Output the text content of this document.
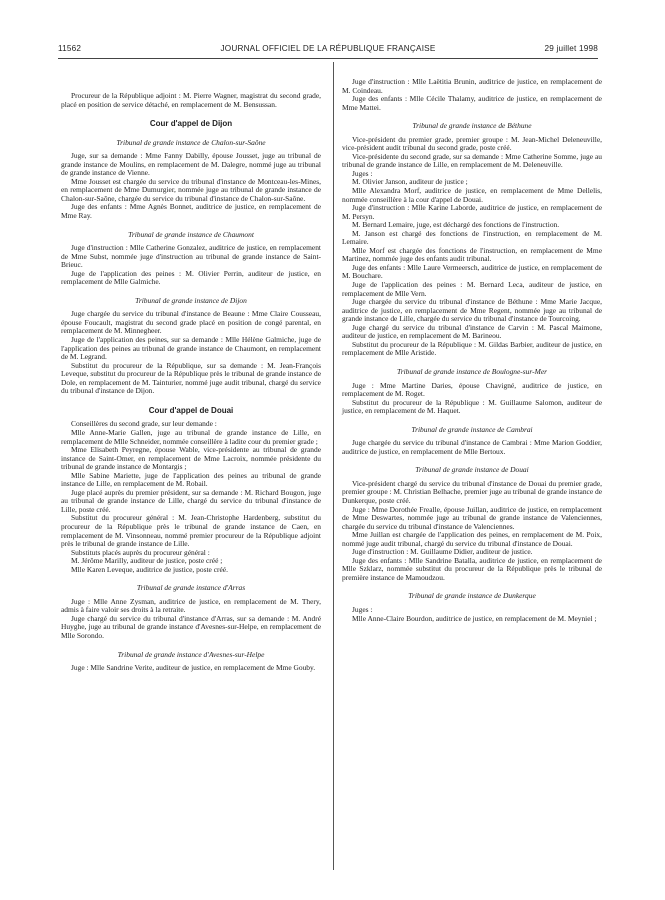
11562	JOURNAL OFFICIEL DE LA RÉPUBLIQUE FRANÇAISE	29 juillet 1998
Procureur de la République adjoint : M. Pierre Wagner, magistrat du second grade, placé en position de service détaché, en remplacement de M. Bensussan.
Cour d'appel de Dijon
Tribunal de grande instance de Chalon-sur-Saône
Juge, sur sa demande : Mme Fanny Dabilly, épouse Jousset, juge au tribunal de grande instance de Moulins, en remplacement de M. Dalegre, nommé juge au tribunal de grande instance de Vienne.
Mme Jousset est chargée du service du tribunal d'instance de Montceau-les-Mines, en remplacement de Mme Dumurgier, nommée juge au tribunal de grande instance de Chalon-sur-Saône, chargée du service du tribunal d'instance de Chalon-sur-Saône.
Juge des enfants : Mme Agnès Bonnet, auditrice de justice, en remplacement de Mme Ray.
Tribunal de grande instance de Chaumont
Juge d'instruction : Mlle Catherine Gonzalez, auditrice de justice, en remplacement de Mme Subst, nommée juge d'instruction au tribunal de grande instance de Saint-Brieuc.
Juge de l'application des peines : M. Olivier Perrin, auditeur de justice, en remplacement de Mlle Galmiche.
Tribunal de grande instance de Dijon
Juge chargée du service du tribunal d'instance de Beaune : Mme Claire Cousseau, épouse Foucault, magistrat du second grade placé en position de congé parental, en remplacement de M. Minnegheer.
Juge de l'application des peines, sur sa demande : Mlle Hélène Galmiche, juge de l'application des peines au tribunal de grande instance de Chaumont, en remplacement de M. Legrand.
Substitut du procureur de la République, sur sa demande : M. Jean-François Leveque, substitut du procureur de la République près le tribunal de grande instance de Dole, en remplacement de M. Tainturier, nommé juge audit tribunal, chargé du service du tribunal d'instance de Dijon.
Cour d'appel de Douai
Conseillères du second grade, sur leur demande :
Mlle Anne-Marie Gallen, juge au tribunal de grande instance de Lille, en remplacement de Mlle Schneider, nommée conseillère à ladite cour du premier grade ;
Mme Elisabeth Peyregne, épouse Wable, vice-présidente au tribunal de grande instance de Saint-Omer, en remplacement de Mme Lacroix, nommée présidente du tribunal de grande instance de Montargis ;
Mlle Sabine Mariette, juge de l'application des peines au tribunal de grande instance de Lille, en remplacement de M. Robail.
Juge placé auprès du premier président, sur sa demande : M. Richard Bougon, juge au tribunal de grande instance de Lille, chargé du service du tribunal d'instance de Lille, poste créé.
Substitut du procureur général : M. Jean-Christophe Hardenberg, substitut du procureur de la République près le tribunal de grande instance de Caen, en remplacement de M. Vinsonneau, nommé premier procureur de la République adjoint près le tribunal de grande instance de Lille.
Substituts placés auprès du procureur général :
M. Jérôme Marilly, auditeur de justice, poste créé ;
Mlle Karen Leveque, auditrice de justice, poste créé.
Tribunal de grande instance d'Arras
Juge : Mlle Anne Zysman, auditrice de justice, en remplacement de M. Thery, admis à faire valoir ses droits à la retraite.
Juge chargé du service du tribunal d'instance d'Arras, sur sa demande : M. André Huyghe, juge au tribunal de grande instance d'Avesnes-sur-Helpe, en remplacement de Mlle Sorondo.
Tribunal de grande instance d'Avesnes-sur-Helpe
Juge : Mlle Sandrine Verite, auditeur de justice, en remplacement de Mme Gouby.
Juge d'instruction : Mlle Laëtitia Brunin, auditrice de justice, en remplacement de M. Coindeau.
Juge des enfants : Mlle Cécile Thalamy, auditrice de justice, en remplacement de Mme Mattei.
Tribunal de grande instance de Béthune
Vice-président du premier grade, premier groupe : M. Jean-Michel Deleneuville, vice-président audit tribunal du second grade, poste créé.
Vice-présidente du second grade, sur sa demande : Mme Catherine Somme, juge au tribunal de grande instance de Lille, en remplacement de M. Deleneuville.
Juges :
M. Olivier Janson, auditeur de justice ;
Mlle Alexandra Morf, auditrice de justice, en remplacement de Mme Dellelis, nommée conseillère à la cour d'appel de Douai.
Juge d'instruction : Mlle Karine Laborde, auditrice de justice, en remplacement de M. Persyn.
M. Bernard Lemaire, juge, est déchargé des fonctions de l'instruction.
M. Janson est chargé des fonctions de l'instruction, en remplacement de M. Lemaire.
Mlle Morf est chargée des fonctions de l'instruction, en remplacement de Mme Martinez, nommée juge des enfants audit tribunal.
Juge des enfants : Mlle Laure Vermeersch, auditrice de justice, en remplacement de M. Bouchare.
Juge de l'application des peines : M. Bernard Leca, auditeur de justice, en remplacement de Mlle Vern.
Juge chargée du service du tribunal d'instance de Béthune : Mme Marie Jacque, auditrice de justice, en remplacement de Mme Regent, nommée juge au tribunal de grande instance de Lille, chargée du service du tribunal d'instance de Tourcoing.
Juge chargé du service du tribunal d'instance de Carvin : M. Pascal Maimone, auditeur de justice, en remplacement de M. Barineou.
Substitut du procureur de la République : M. Gildas Barbier, auditeur de justice, en remplacement de Mlle Aristide.
Tribunal de grande instance de Boulogne-sur-Mer
Juge : Mme Martine Daries, épouse Chavigné, auditrice de justice, en remplacement de M. Roget.
Substitut du procureur de la République : M. Guillaume Salomon, auditeur de justice, en remplacement de M. Haquet.
Tribunal de grande instance de Cambrai
Juge chargée du service du tribunal d'instance de Cambrai : Mme Marion Goddier, auditrice de justice, en remplacement de Mlle Bertoux.
Tribunal de grande instance de Douai
Vice-président chargé du service du tribunal d'instance de Douai du premier grade, premier groupe : M. Christian Belhache, premier juge au tribunal de grande instance de Dunkerque, poste créé.
Juge : Mme Dorothée Frealle, épouse Juillan, auditrice de justice, en remplacement de Mme Deswartes, nommée juge au tribunal de grande instance de Valenciennes, chargée du service du tribunal d'instance de Valenciennes.
Mme Juillan est chargée de l'application des peines, en remplacement de M. Poix, nommé juge audit tribunal, chargé du service du tribunal d'instance de Douai.
Juge d'instruction : M. Guillaume Didier, auditeur de justice.
Juge des enfants : Mlle Sandrine Batalla, auditrice de justice, en remplacement de Mlle Szklarz, nommée substitut du procureur de la République près le tribunal de première instance de Mamoudzou.
Tribunal de grande instance de Dunkerque
Juges :
Mlle Anne-Claire Bourdon, auditrice de justice, en remplacement de M. Meyniel ;
